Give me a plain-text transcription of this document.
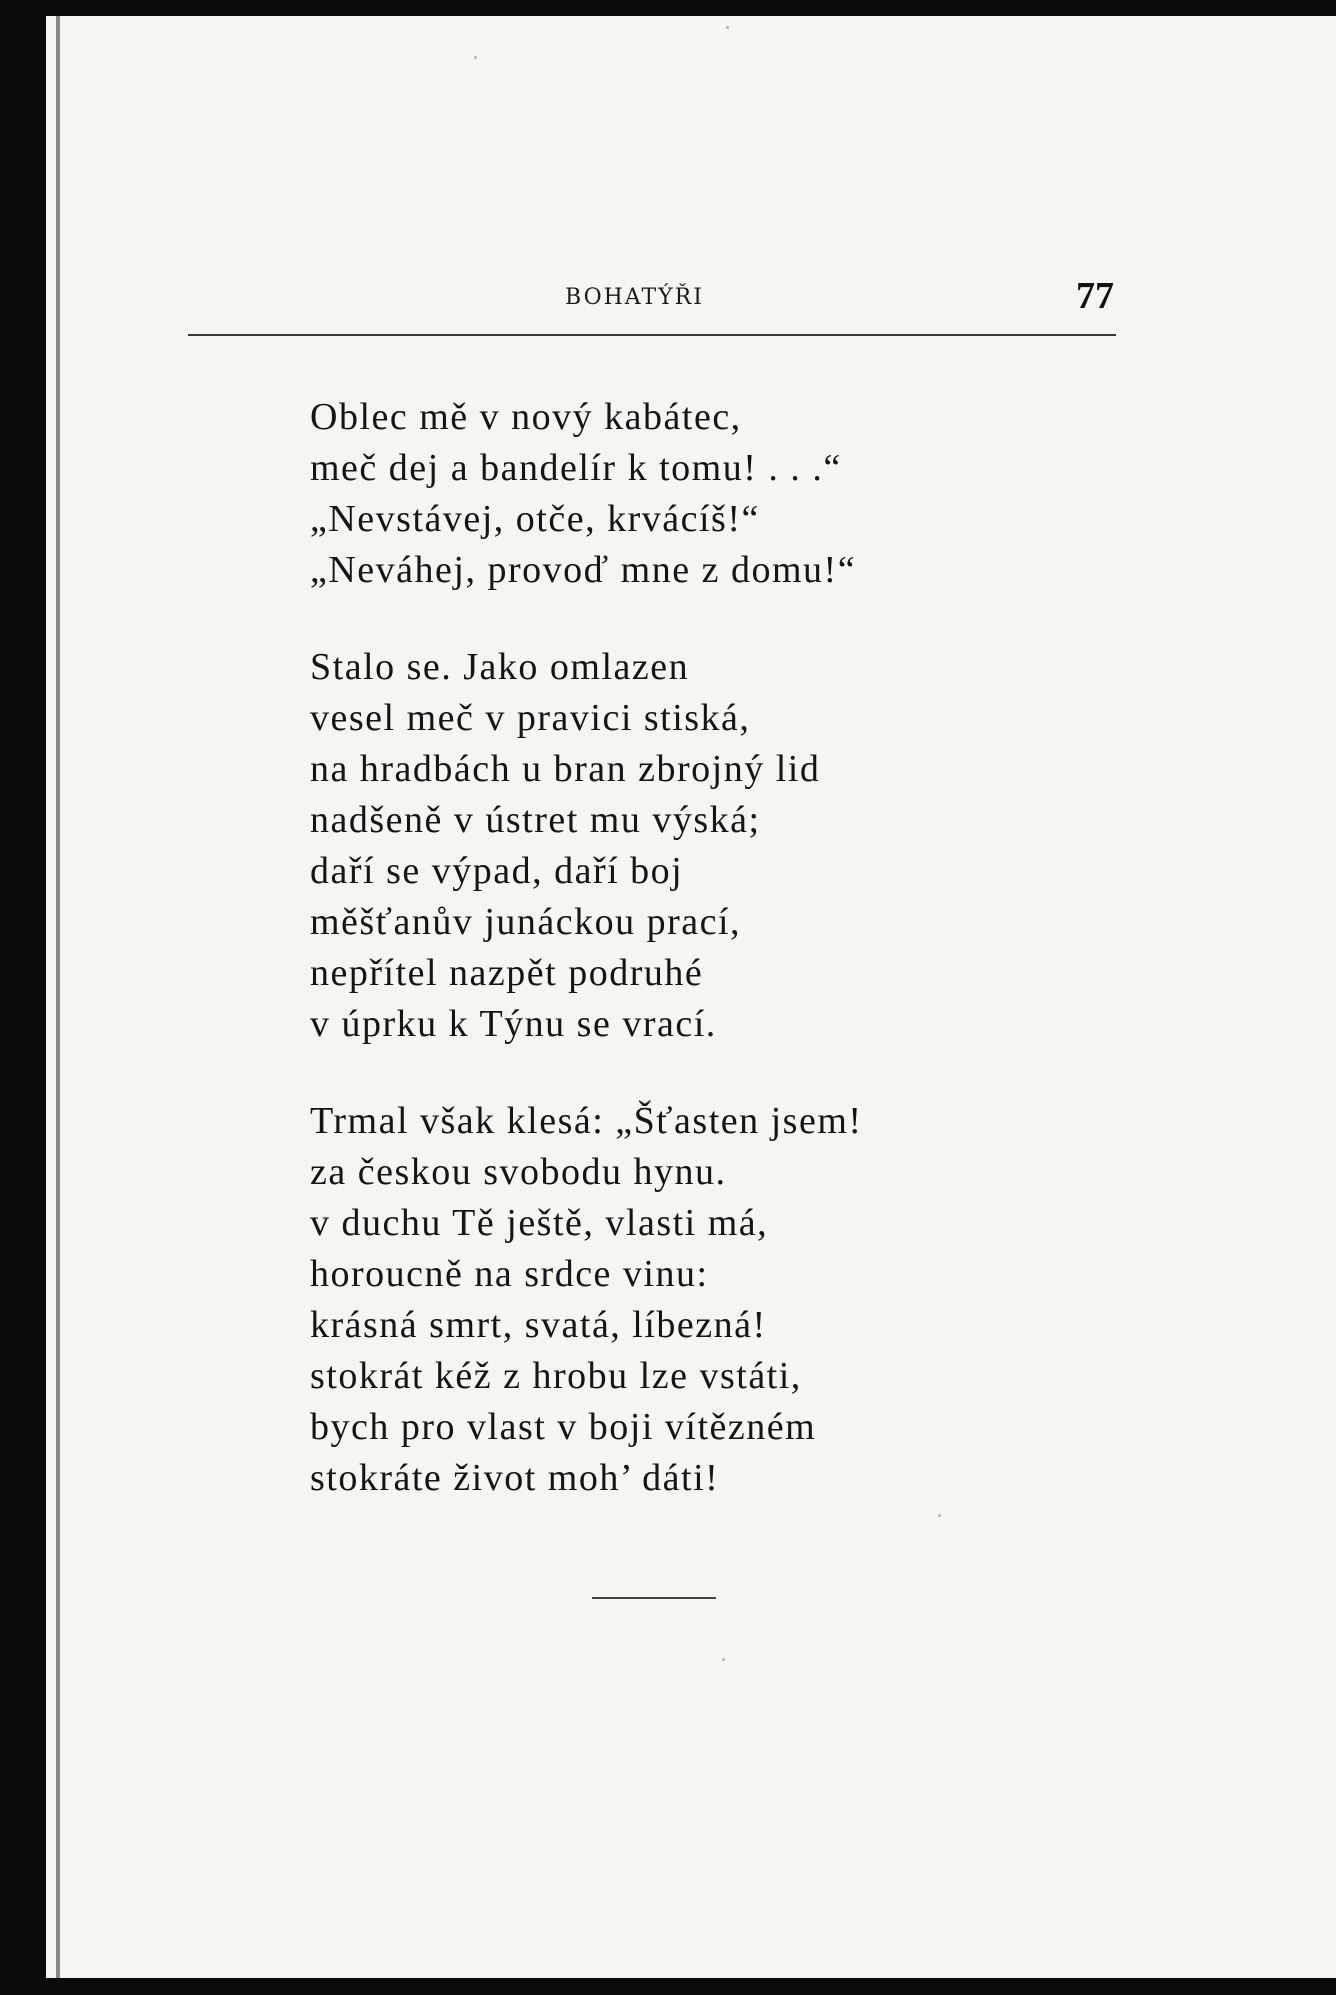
BOHATÝŘI	77
Oblec mě v nový kabátec,
meč dej a bandelír k tomu! . . .“
„Nevstávej, otče, krvácíš!“
„Neváhej, provoď mne z domu!“
Stalo se. Jako omlazen
vesel meč v pravici stiská,
na hradbách u bran zbrojný lid
nadšeně v ústret mu výská;
daří se výpad, daří boj
měšťanův junáckou prací,
nepřítel nazpět podruhé
v úprku k Týnu se vrací.
Trmal však klesá: „Šťasten jsem!
za českou svobodu hynu.
v duchu Tě ještě, vlasti má,
horoucně na srdce vinu:
krásná smrt, svatá, líbezná!
stokrát kéž z hrobu lze vstáti,
bych pro vlast v boji vítězném
stokráte život moh’ dáti!
